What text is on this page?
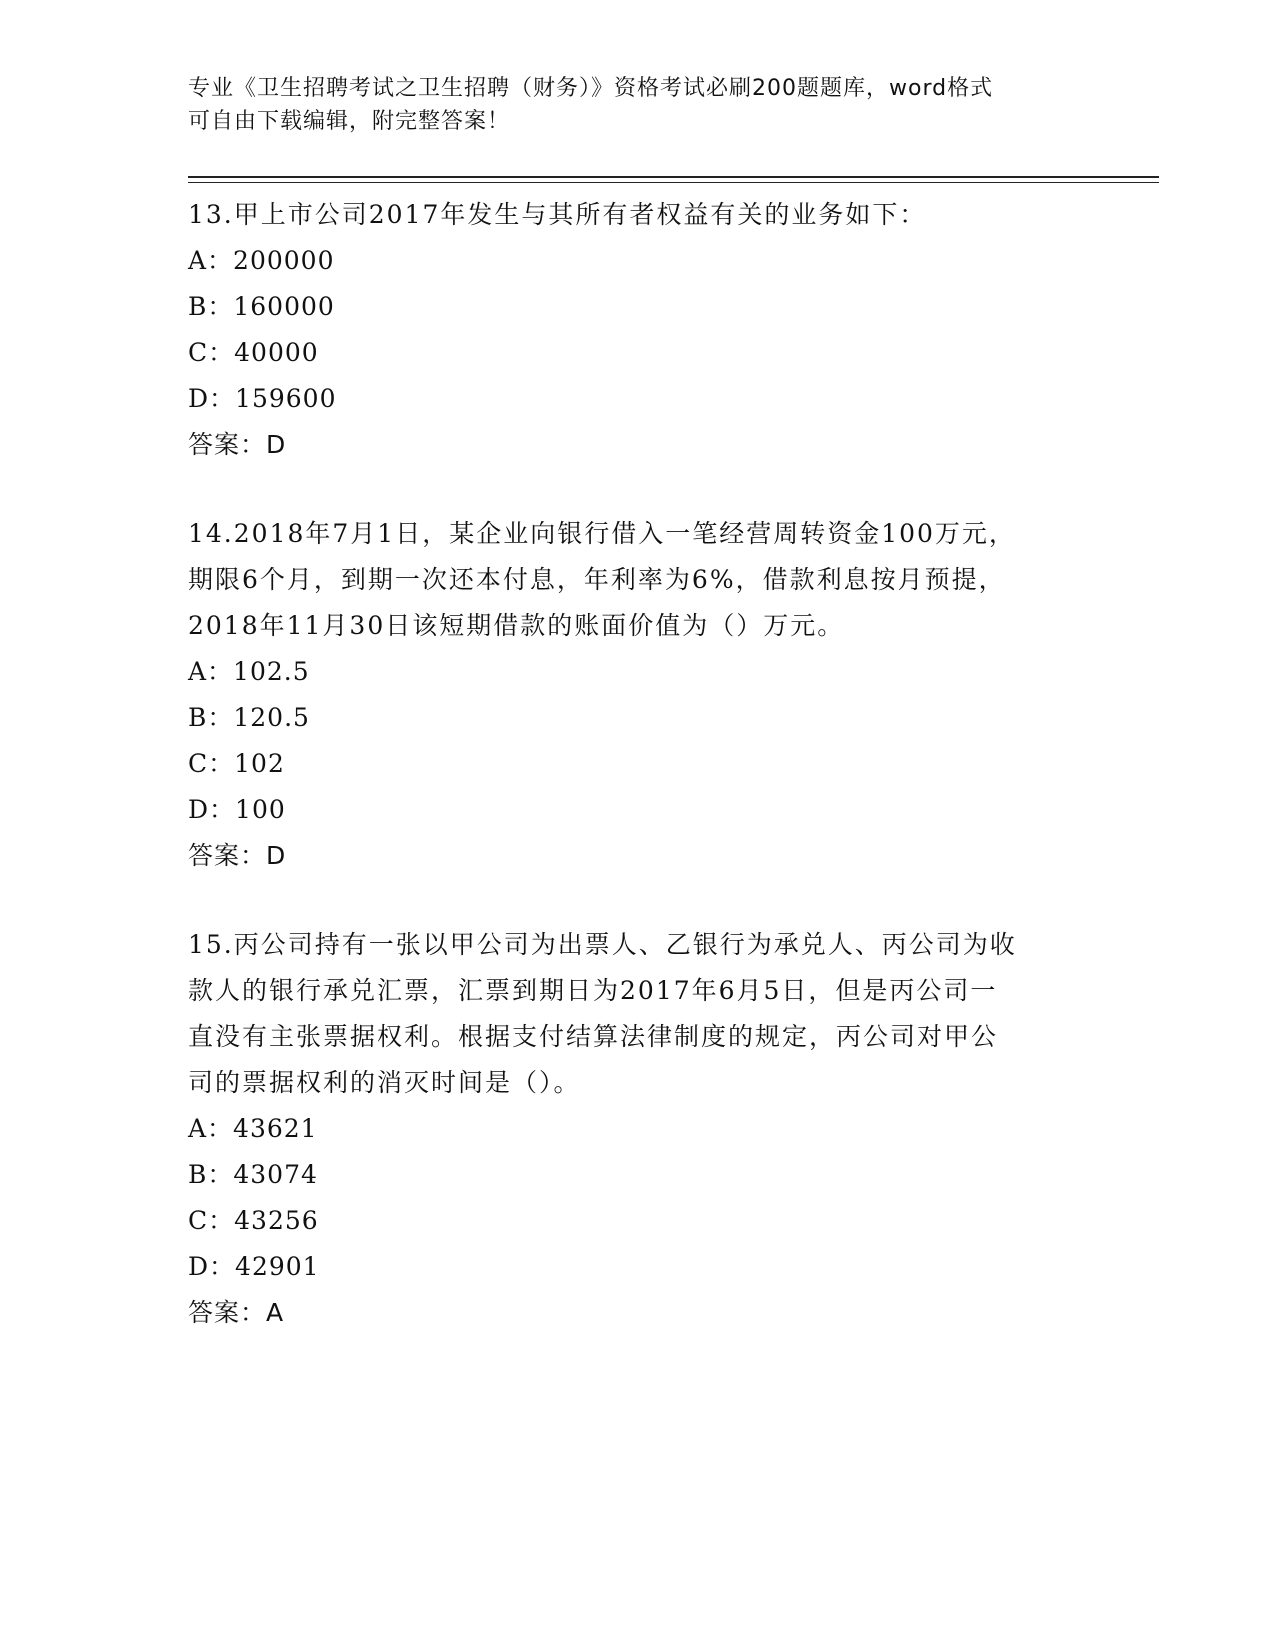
专业《卫生招聘考试之卫生招聘（财务）》资格考试必刷200题题库，word格式
可自由下载编辑，附完整答案！
13.甲上市公司2017年发生与其所有者权益有关的业务如下：
A：200000
B：160000
C：40000
D：159600
答案：D
14.2018年7月1日，某企业向银行借入一笔经营周转资金100万元，
期限6个月，到期一次还本付息，年利率为6%，借款利息按月预提，
2018年11月30日该短期借款的账面价值为（）万元。
A：102.5
B：120.5
C：102
D：100
答案：D
15.丙公司持有一张以甲公司为出票人、乙银行为承兑人、丙公司为收
款人的银行承兑汇票，汇票到期日为2017年6月5日，但是丙公司一
直没有主张票据权利。根据支付结算法律制度的规定，丙公司对甲公
司的票据权利的消灭时间是（）。
A：43621
B：43074
C：43256
D：42901
答案：A
